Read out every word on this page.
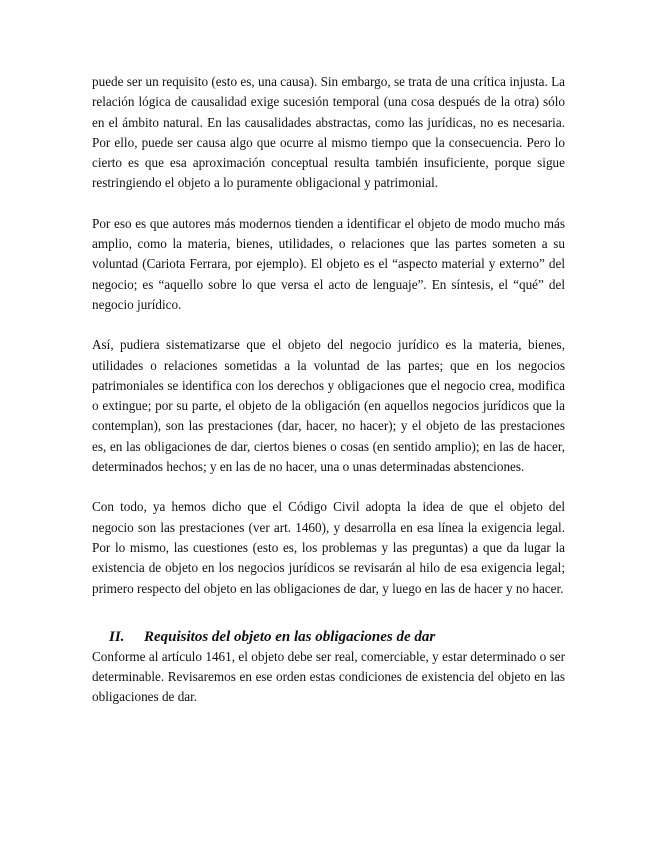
puede ser un requisito (esto es, una causa). Sin embargo, se trata de una crítica injusta. La relación lógica de causalidad exige sucesión temporal (una cosa después de la otra) sólo en el ámbito natural. En las causalidades abstractas, como las jurídicas, no es necesaria. Por ello, puede ser causa algo que ocurre al mismo tiempo que la consecuencia. Pero lo cierto es que esa aproximación conceptual resulta también insuficiente, porque sigue restringiendo el objeto a lo puramente obligacional y patrimonial.

Por eso es que autores más modernos tienden a identificar el objeto de modo mucho más amplio, como la materia, bienes, utilidades, o relaciones que las partes someten a su voluntad (Cariota Ferrara, por ejemplo). El objeto es el “aspecto material y externo” del negocio; es “aquello sobre lo que versa el acto de lenguaje”. En síntesis, el “qué” del negocio jurídico.

Así, pudiera sistematizarse que el objeto del negocio jurídico es la materia, bienes, utilidades o relaciones sometidas a la voluntad de las partes; que en los negocios patrimoniales se identifica con los derechos y obligaciones que el negocio crea, modifica o extingue; por su parte, el objeto de la obligación (en aquellos negocios jurídicos que la contemplan), son las prestaciones (dar, hacer, no hacer); y el objeto de las prestaciones es, en las obligaciones de dar, ciertos bienes o cosas (en sentido amplio); en las de hacer, determinados hechos; y en las de no hacer, una o unas determinadas abstenciones.

Con todo, ya hemos dicho que el Código Civil adopta la idea de que el objeto del negocio son las prestaciones (ver art. 1460), y desarrolla en esa línea la exigencia legal. Por lo mismo, las cuestiones (esto es, los problemas y las preguntas) a que da lugar la existencia de objeto en los negocios jurídicos se revisarán al hilo de esa exigencia legal; primero respecto del objeto en las obligaciones de dar, y luego en las de hacer y no hacer.

II.	Requisitos del objeto en las obligaciones de dar

Conforme al artículo 1461, el objeto debe ser real, comerciable, y estar determinado o ser determinable. Revisaremos en ese orden estas condiciones de existencia del objeto en las obligaciones de dar.
